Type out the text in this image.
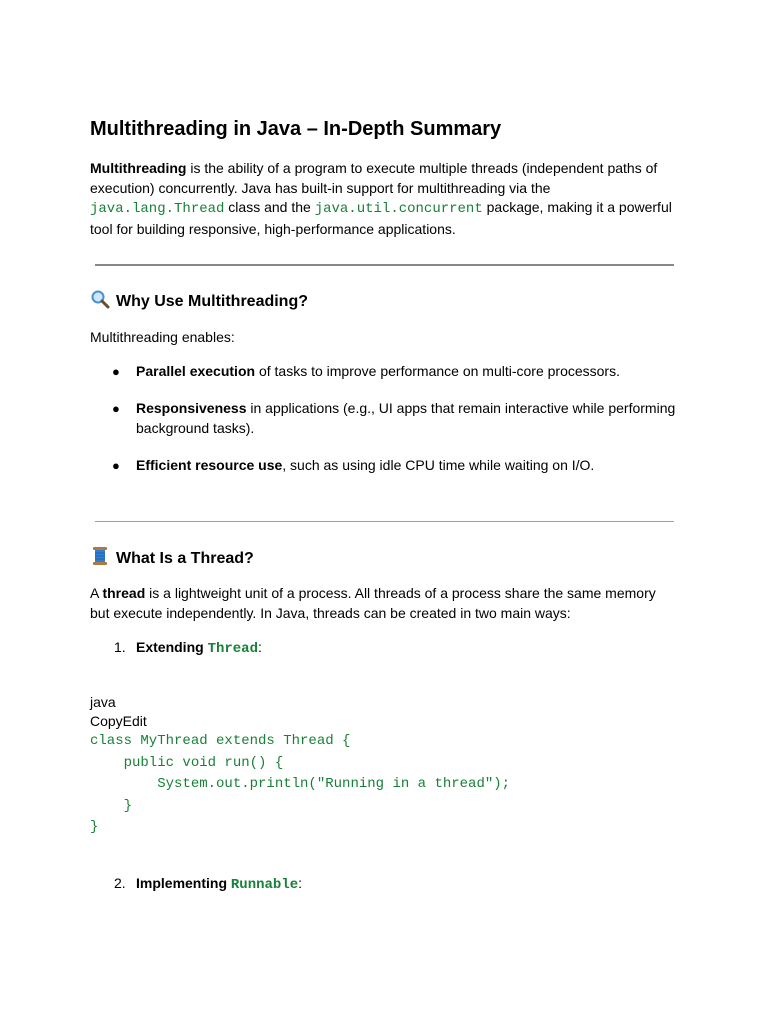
Multithreading in Java – In-Depth Summary

Multithreading is the ability of a program to execute multiple threads (independent paths of execution) concurrently. Java has built-in support for multithreading via the java.lang.Thread class and the java.util.concurrent package, making it a powerful tool for building responsive, high-performance applications.

Why Use Multithreading?

Multithreading enables:

● Parallel execution of tasks to improve performance on multi-core processors.
● Responsiveness in applications (e.g., UI apps that remain interactive while performing background tasks).
● Efficient resource use, such as using idle CPU time while waiting on I/O.
What Is a Thread?

A thread is a lightweight unit of a process. All threads of a process share the same memory but execute independently. In Java, threads can be created in two main ways:

1. Extending Thread:
java
CopyEdit
class MyThread extends Thread {
public void run() {
System.out.println("Running in a thread");
}
}
2. Implementing Runnable:
